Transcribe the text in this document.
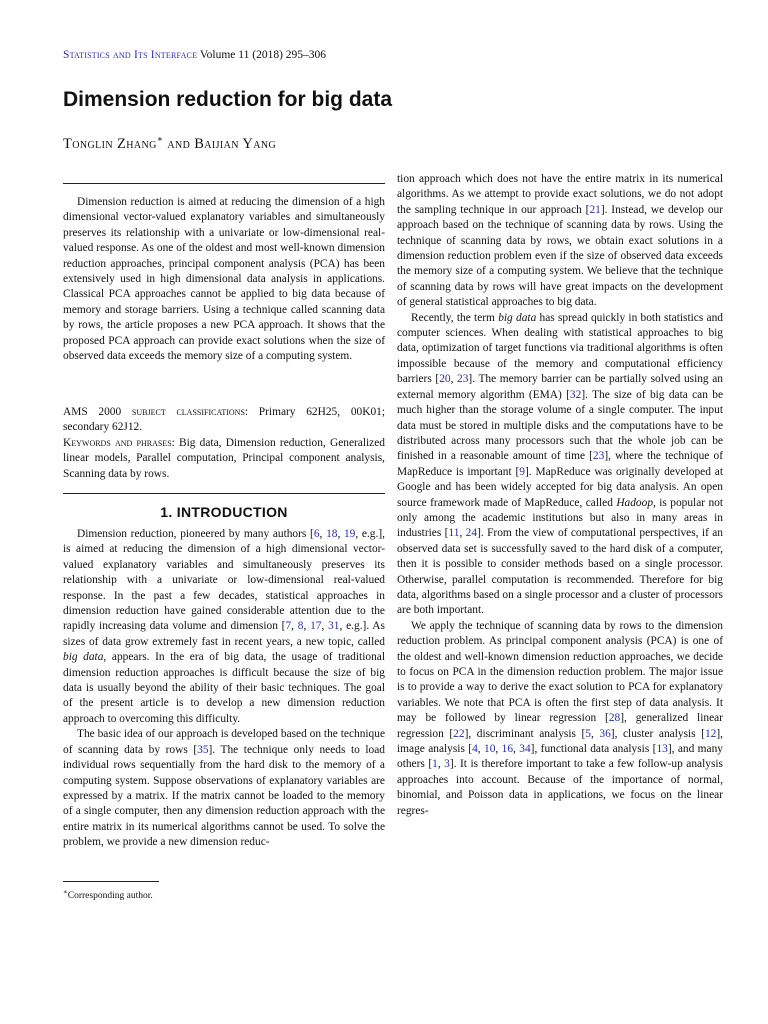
Statistics and Its Interface Volume 11 (2018) 295–306
Dimension reduction for big data
Tonglin Zhang∗ and Baijian Yang

Dimension reduction is aimed at reducing the dimension of a high dimensional vector-valued explanatory variables and simultaneously preserves its relationship with a univariate or low-dimensional real-valued response. As one of the oldest and most well-known dimension reduction approaches, principal component analysis (PCA) has been extensively used in high dimensional data analysis in applications. Classical PCA approaches cannot be applied to big data because of memory and storage barriers. Using a technique called scanning data by rows, the article proposes a new PCA approach. It shows that the proposed PCA approach can provide exact solutions when the size of observed data exceeds the memory size of a computing system.

AMS 2000 subject classifications: Primary 62H25, 00K01; secondary 62J12.

Keywords and phrases: Big data, Dimension reduction, Generalized linear models, Parallel computation, Principal component analysis, Scanning data by rows.

1. INTRODUCTION

Dimension reduction, pioneered by many authors [6, 18, 19, e.g.], is aimed at reducing the dimension of a high dimensional vector-valued explanatory variables and simultaneously preserves its relationship with a univariate or low-dimensional real-valued response. In the past a few decades, statistical approaches in dimension reduction have gained considerable attention due to the rapidly increasing data volume and dimension [7, 8, 17, 31, e.g.]. As sizes of data grow extremely fast in recent years, a new topic, called big data, appears. In the era of big data, the usage of traditional dimension reduction approaches is difficult because the size of big data is usually beyond the ability of their basic techniques. The goal of the present article is to develop a new dimension reduction approach to overcoming this difficulty.

The basic idea of our approach is developed based on the technique of scanning data by rows [35]. The technique only needs to load individual rows sequentially from the hard disk to the memory of a computing system. Suppose observations of explanatory variables are expressed by a matrix. If the matrix cannot be loaded to the memory of a single computer, then any dimension reduction approach with the entire matrix in its numerical algorithms cannot be used. To solve the problem, we provide a new dimension reduc-

∗Corresponding author.

tion approach which does not have the entire matrix in its numerical algorithms. As we attempt to provide exact solutions, we do not adopt the sampling technique in our approach [21]. Instead, we develop our approach based on the technique of scanning data by rows. Using the technique of scanning data by rows, we obtain exact solutions in a dimension reduction problem even if the size of observed data exceeds the memory size of a computing system. We believe that the technique of scanning data by rows will have great impacts on the development of general statistical approaches to big data.

Recently, the term big data has spread quickly in both statistics and computer sciences. When dealing with statistical approaches to big data, optimization of target functions via traditional algorithms is often impossible because of the memory and computational efficiency barriers [20, 23]. The memory barrier can be partially solved using an external memory algorithm (EMA) [32]. The size of big data can be much higher than the storage volume of a single computer. The input data must be stored in multiple disks and the computations have to be distributed across many processors such that the whole job can be finished in a reasonable amount of time [23], where the technique of MapReduce is important [9]. MapReduce was originally developed at Google and has been widely accepted for big data analysis. An open source framework made of MapReduce, called Hadoop, is popular not only among the academic institutions but also in many areas in industries [11, 24]. From the view of computational perspectives, if an observed data set is successfully saved to the hard disk of a computer, then it is possible to consider methods based on a single processor. Otherwise, parallel computation is recommended. Therefore for big data, algorithms based on a single processor and a cluster of processors are both important.

We apply the technique of scanning data by rows to the dimension reduction problem. As principal component analysis (PCA) is one of the oldest and well-known dimension reduction approaches, we decide to focus on PCA in the dimension reduction problem. The major issue is to provide a way to derive the exact solution to PCA for explanatory variables. We note that PCA is often the first step of data analysis. It may be followed by linear regression [28], generalized linear regression [22], discriminant analysis [5, 36], cluster analysis [12], image analysis [4, 10, 16, 34], functional data analysis [13], and many others [1, 3]. It is therefore important to take a few follow-up analysis approaches into account. Because of the importance of normal, binomial, and Poisson data in applications, we focus on the linear regres-
